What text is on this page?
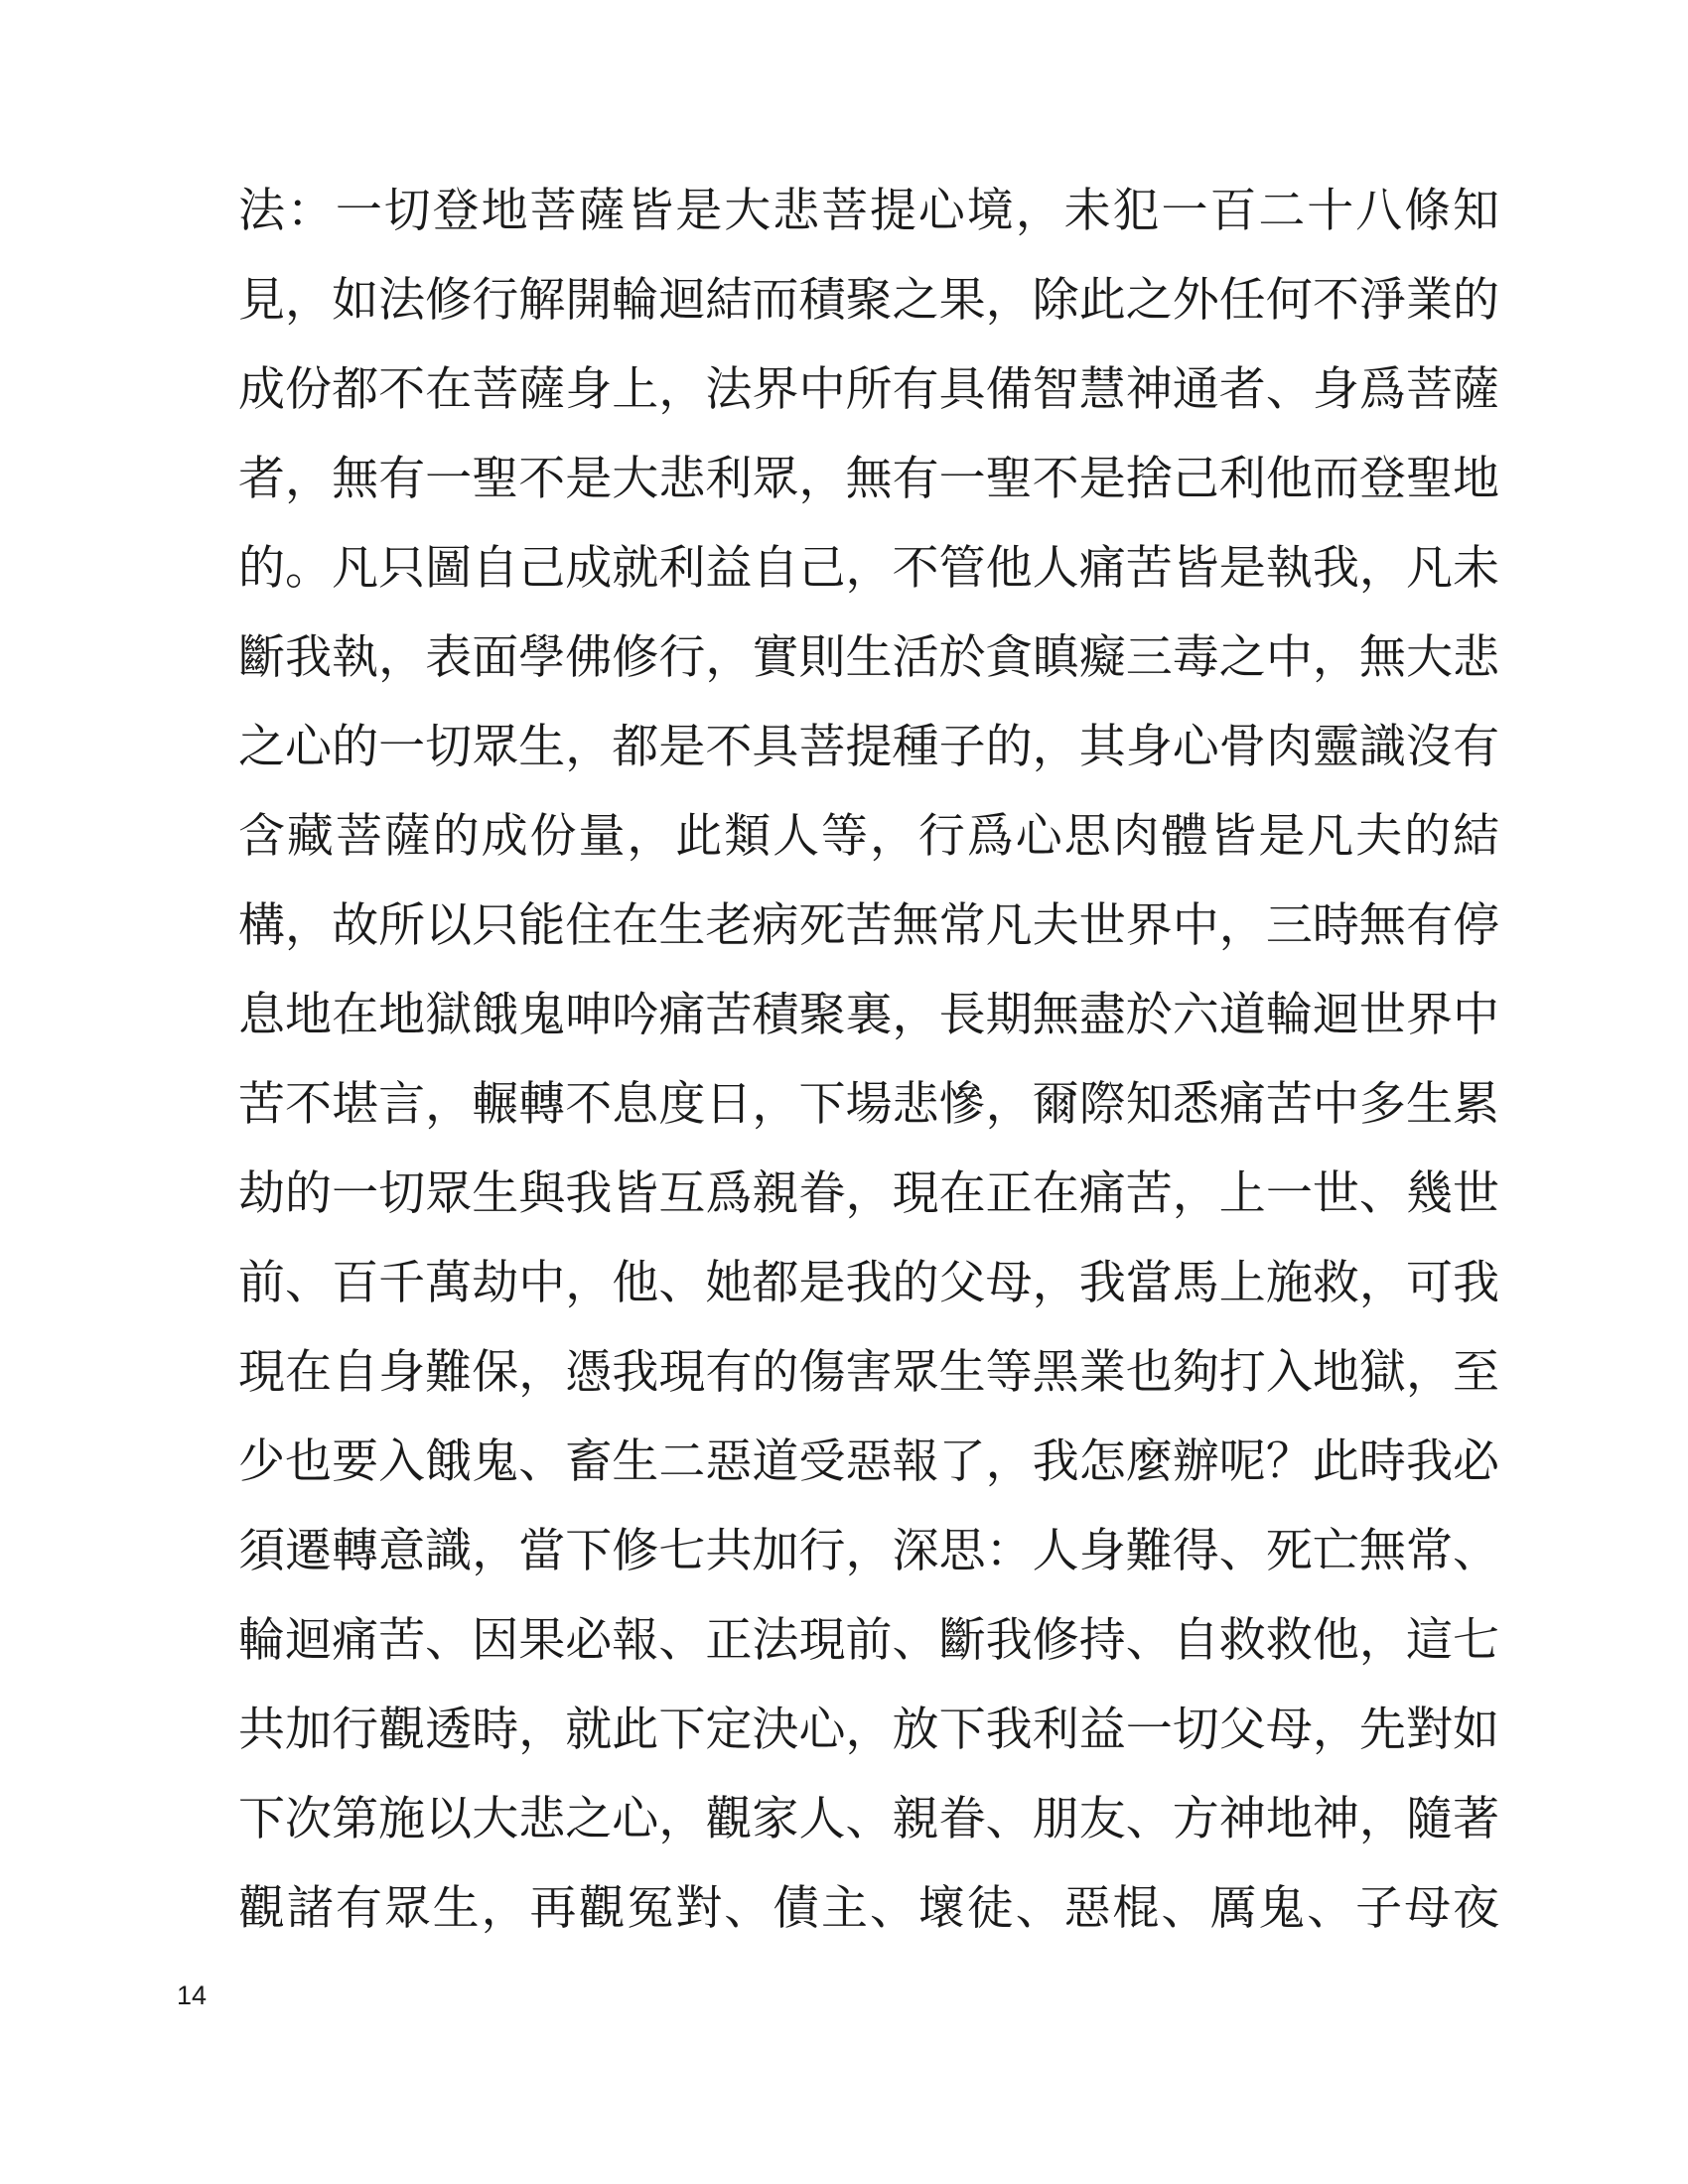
法：一切登地菩薩皆是大悲菩提心境，未犯一百二十八條知
見，如法修行解開輪迴結而積聚之果，除此之外任何不淨業的
成份都不在菩薩身上，法界中所有具備智慧神通者、身爲菩薩
者，無有一聖不是大悲利眾，無有一聖不是捨己利他而登聖地
的。凡只圖自己成就利益自己，不管他人痛苦皆是執我，凡未
斷我執，表面學佛修行，實則生活於貪瞋癡三毒之中，無大悲
之心的一切眾生，都是不具菩提種子的，其身心骨肉靈識沒有
含藏菩薩的成份量，此類人等，行爲心思肉體皆是凡夫的結
構，故所以只能住在生老病死苦無常凡夫世界中，三時無有停
息地在地獄餓鬼呻吟痛苦積聚裏，長期無盡於六道輪迴世界中
苦不堪言，輾轉不息度日，下場悲慘，爾際知悉痛苦中多生累
劫的一切眾生與我皆互爲親眷，現在正在痛苦，上一世、幾世
前、百千萬劫中，他、她都是我的父母，我當馬上施救，可我
現在自身難保，憑我現有的傷害眾生等黑業也夠打入地獄，至
少也要入餓鬼、畜生二惡道受惡報了，我怎麼辦呢？此時我必
須遷轉意識，當下修七共加行，深思：人身難得、死亡無常、
輪迴痛苦、因果必報、正法現前、斷我修持、自救救他，這七
共加行觀透時，就此下定決心，放下我利益一切父母，先對如
下次第施以大悲之心，觀家人、親眷、朋友、方神地神，隨著
觀諸有眾生，再觀冤對、債主、壞徒、惡棍、厲鬼、子母夜
14
